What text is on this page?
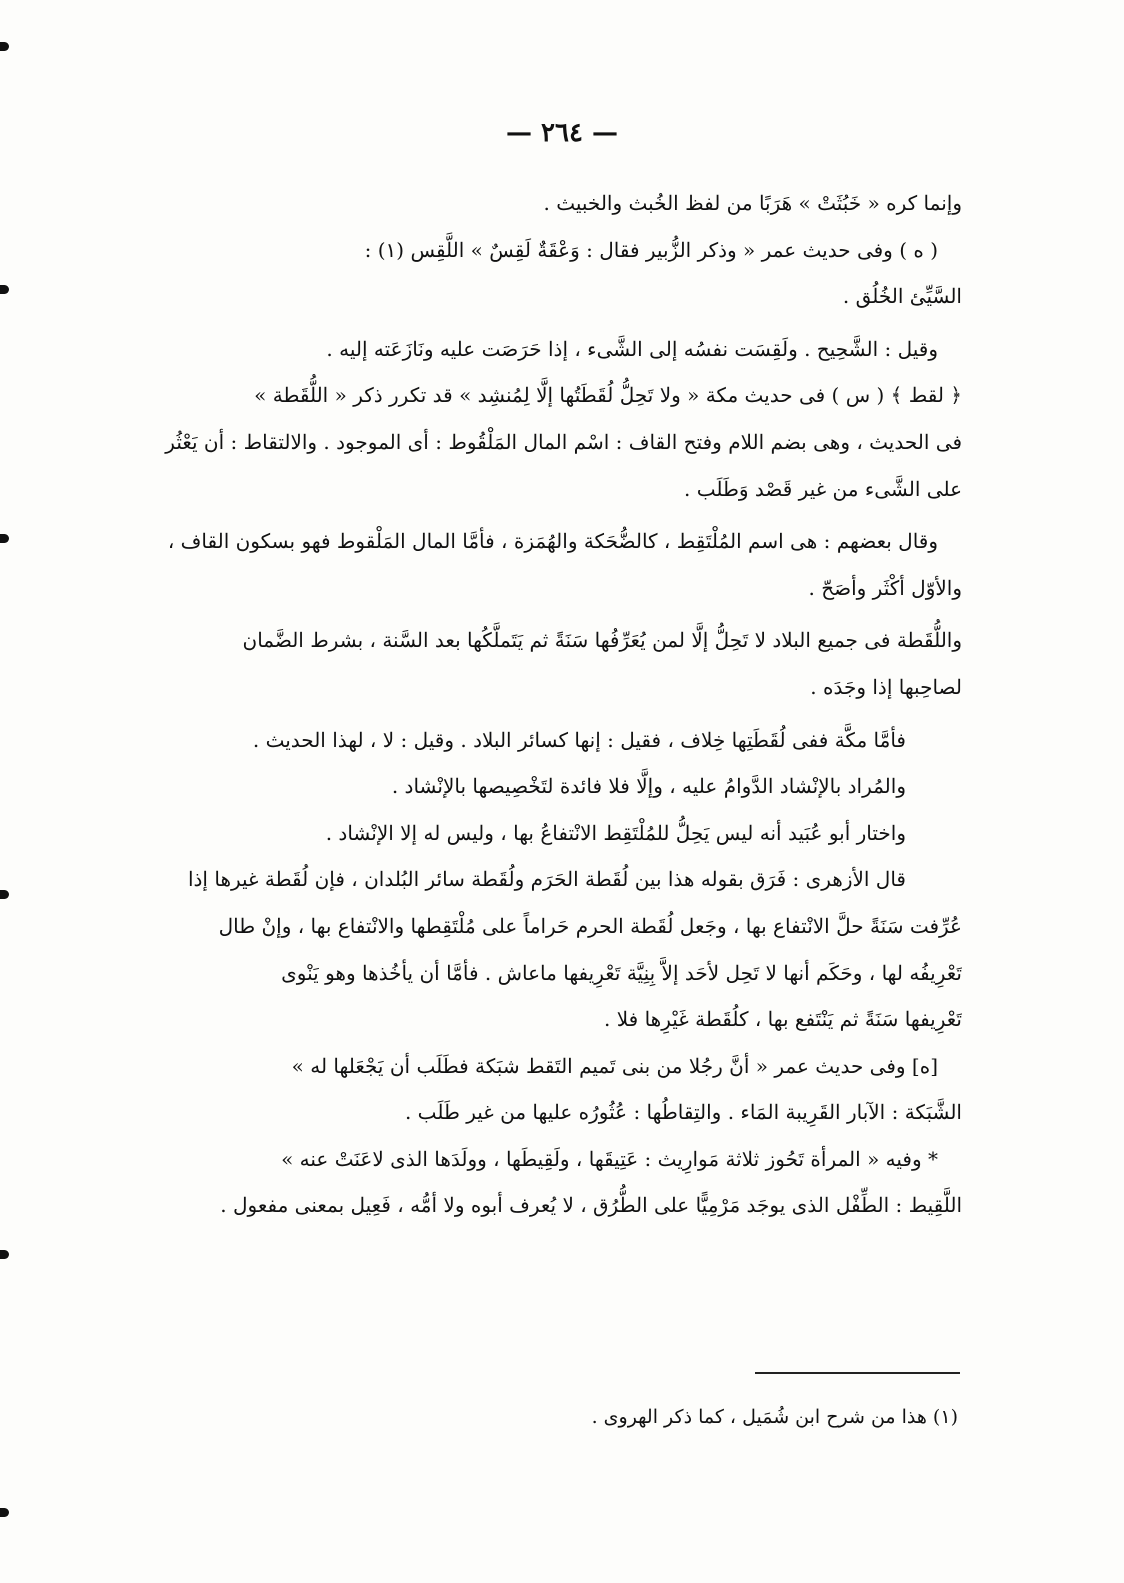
— ٢٦٤ —
وإنما كره « خَبُثَتْ » هَرَبًا من لفظ الخُبث والخبيث .
( ه ) وفى حديث عمر « وذكر الزُّبير فقال : وَعْقَةٌ لَقِسٌ » اللَّقِس (١) :
السَّيِّئ الخُلُق .
وقيل : الشَّحِيح . ولَقِسَت نفسُه إلى الشَّىء ، إذا حَرَصَت عليه ونَازَعَته إليه .
﴿ لقط ﴾ ( س ) فى حديث مكة « ولا تَحِلُّ لُقَطَتُها إلَّا لِمُنشِد » قد تكرر ذكر « اللُّقَطة »
فى الحديث ، وهى بضم اللام وفتح القاف : اسْم المال المَلْقُوط : أى الموجود . والالتقاط : أن يَعْثُر
على الشَّىء من غير قَصْد وَطَلَب .
وقال بعضهم : هى اسم المُلْتَقِط ، كالضُّحَكة والهُمَزة ، فأمَّا المال المَلْقوط فهو بسكون القاف ،
والأوّل أكْثَر وأصَحّ .
واللُّقَطة فى جميع البلاد لا تَحِلُّ إلَّا لمن يُعَرِّفُها سَنَةً ثم يَتَملَّكُها بعد السَّنة ، بشرط الضَّمان
لصاحِبها إذا وجَدَه .
فأمَّا مكَّة ففى لُقَطَتِها خِلاف ، فقيل : إنها كسائر البلاد . وقيل : لا ، لهذا الحديث .
والمُراد بالإنْشاد الدَّوامُ عليه ، وإلَّا فلا فائدة لتَخْصِيصها بالإنْشاد .
واختار أبو عُبَيد أنه ليس يَحِلُّ للمُلْتَقِط الانْتفاعُ بها ، وليس له إلا الإنْشاد .
قال الأزهرى : فَرَق بقوله هذا بين لُقَطة الحَرَم ولُقَطة سائر البُلدان ، فإن لُقَطة غيرها إذا
عُرِّفت سَنَةً حلَّ الانْتفاع بها ، وجَعل لُقَطة الحرم حَراماً على مُلْتَقِطها والانْتفاع بها ، وإنْ طال
تَعْرِيفُه لها ، وحَكَم أنها لا تَحِل لأحَد إلاَّ بِنِيَّة تَعْرِيفها ماعاش . فأمَّا أن يأخُذها وهو يَنْوى
تَعْرِيفها سَنَةً ثم يَنْتَفع بها ، كلُقَطة غَيْرِها فلا .
[ه] وفى حديث عمر « أنَّ رجُلا من بنى تَميم التَقط شبَكة فطَلَب أن يَجْعَلها له »
الشَّبَكة : الآبار القَرِيبة المَاء . والتِقاطُها : عُثُورُه عليها من غير طَلَب .
* وفيه « المرأة تَحُوز ثلاثة مَوارِيث : عَتِيقَها ، ولَقِيطَها ، وولَدَها الذى لاعَنَتْ عنه »
اللَّقِيط : الطِّفْل الذى يوجَد مَرْمِيًّا على الطُّرُق ، لا يُعرف أبوه ولا أمُّه ، فَعِيل بمعنى مفعول .
(١) هذا من شرح ابن شُمَيل ، كما ذكر الهروى .
